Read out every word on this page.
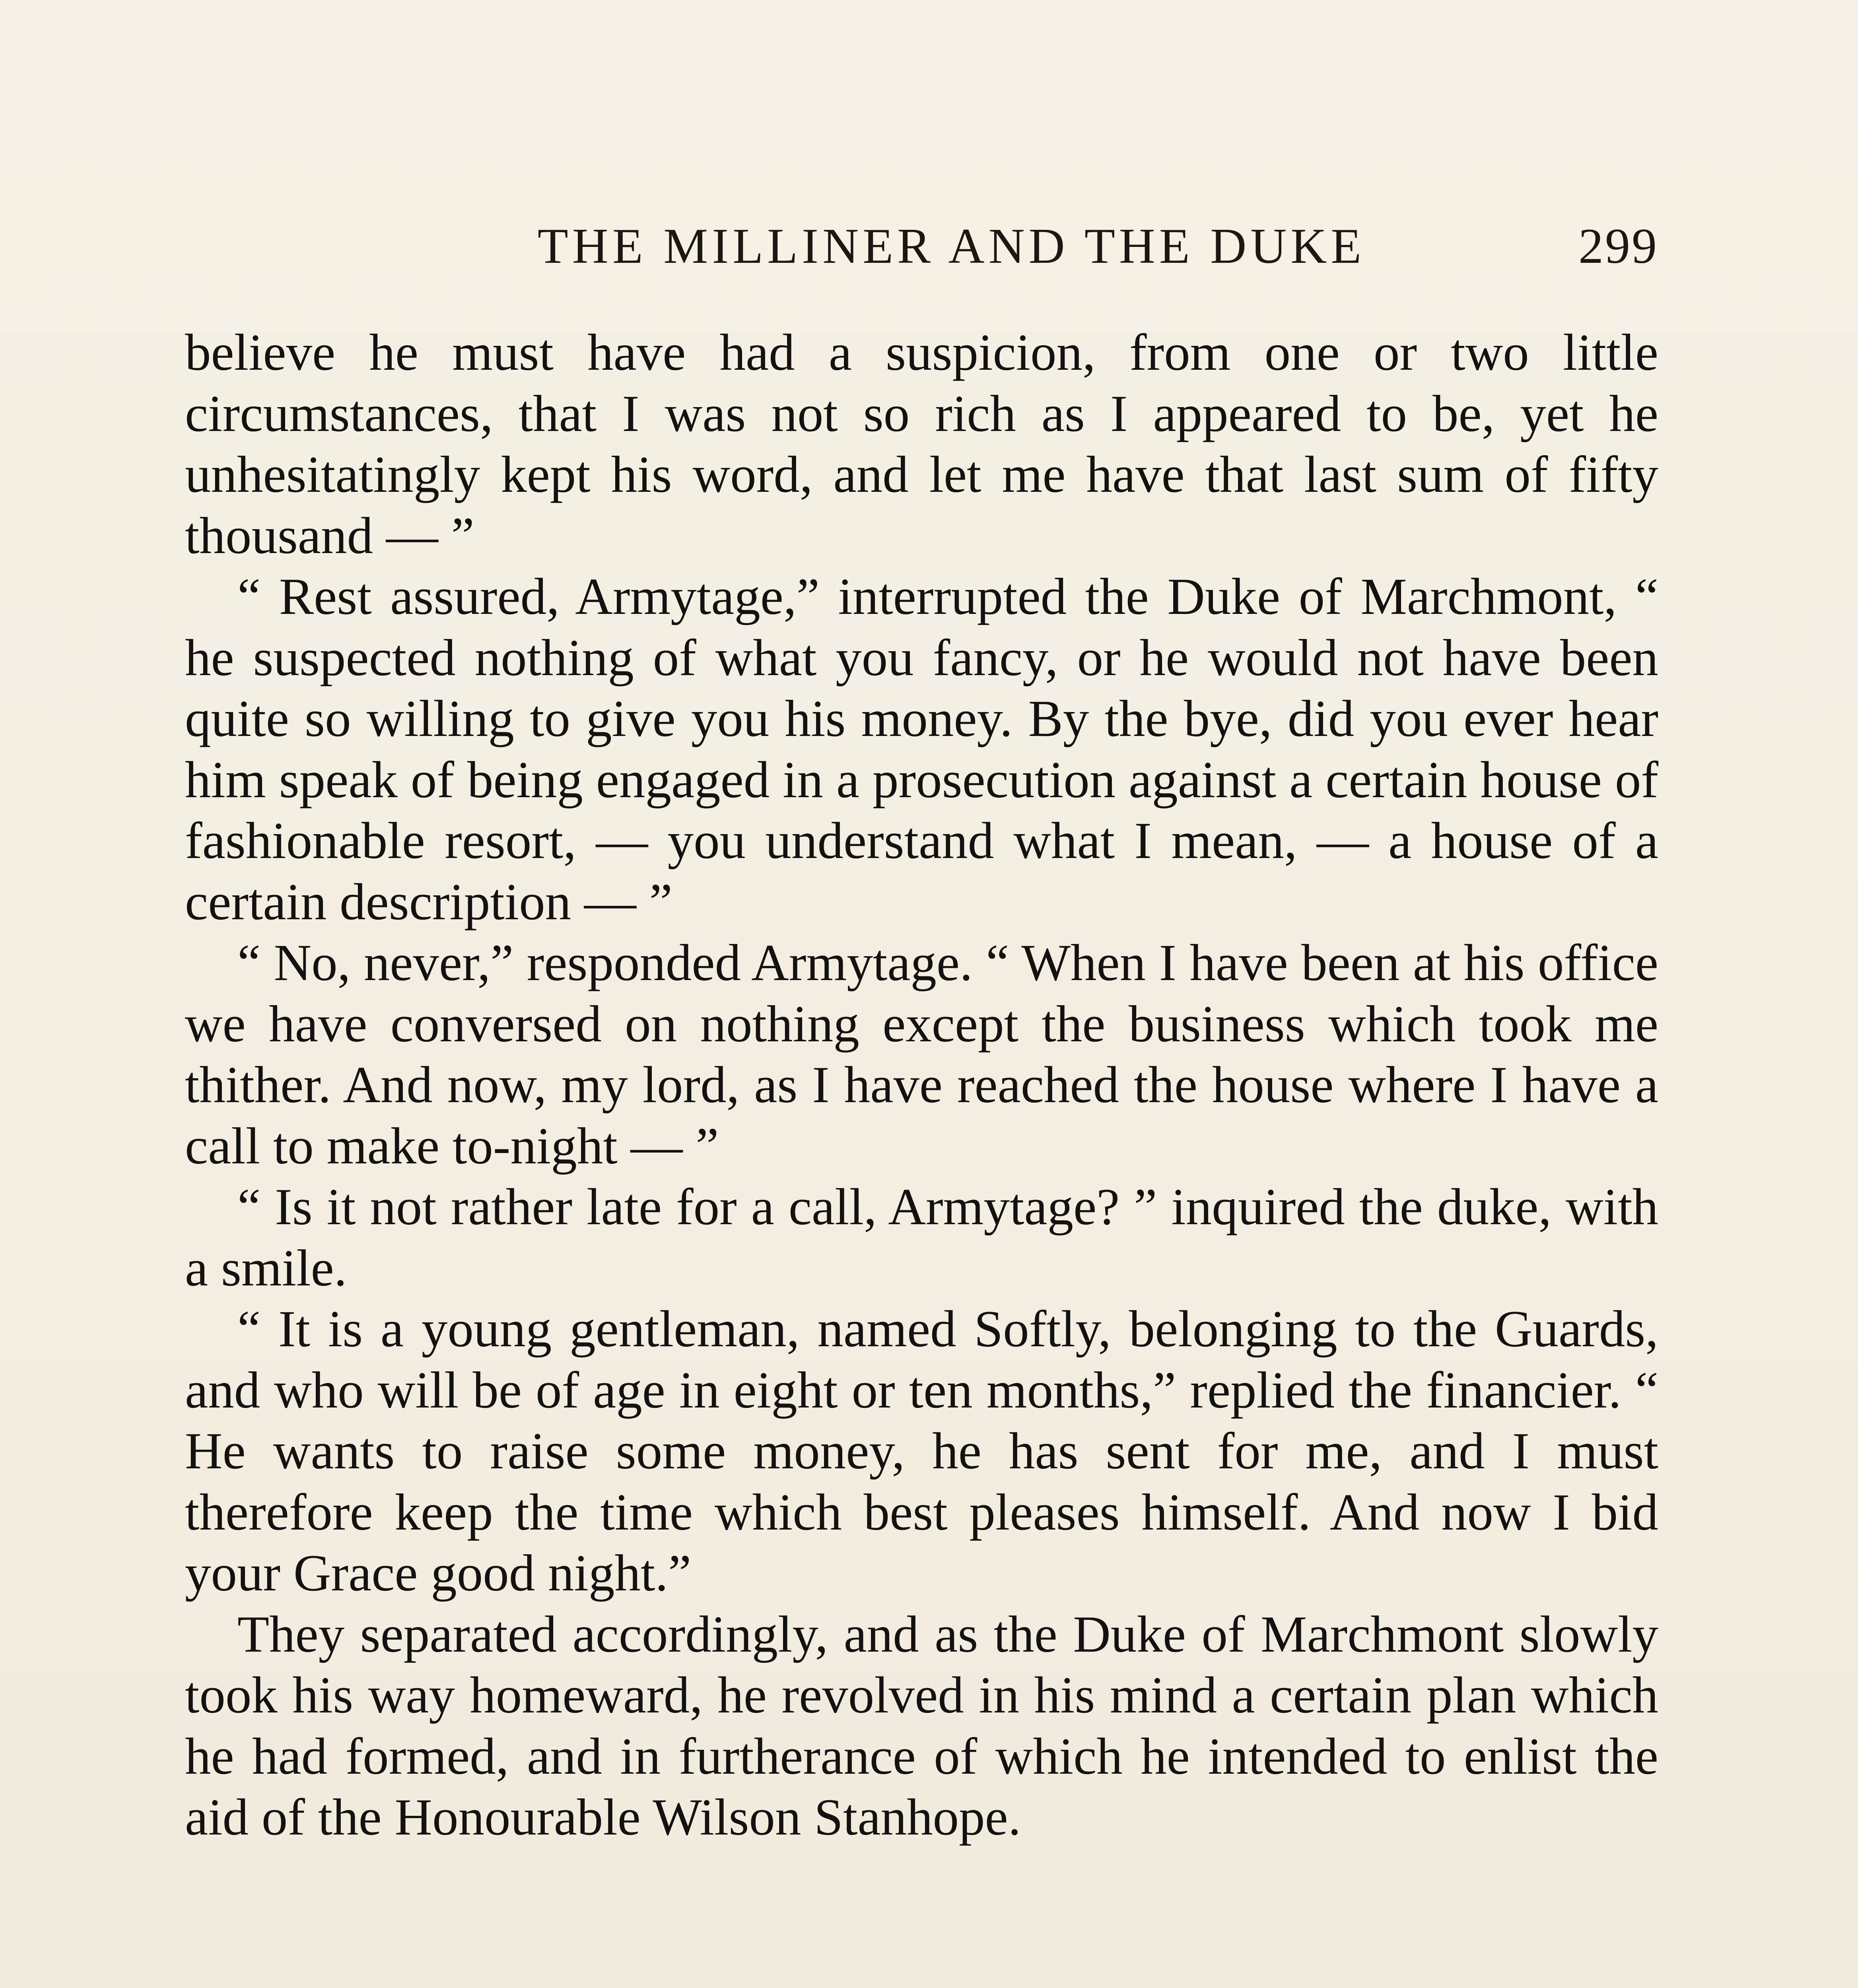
THE MILLINER AND THE DUKE	299

believe he must have had a suspicion, from one or two little circumstances, that I was not so rich as I appeared to be, yet he unhesitatingly kept his word, and let me have that last sum of fifty thousand — ”

“ Rest assured, Armytage,” interrupted the Duke of Marchmont, “ he suspected nothing of what you fancy, or he would not have been quite so willing to give you his money. By the bye, did you ever hear him speak of being engaged in a prosecution against a certain house of fashionable resort, — you understand what I mean, — a house of a certain description — ”

“ No, never,” responded Armytage. “ When I have been at his office we have conversed on nothing except the business which took me thither. And now, my lord, as I have reached the house where I have a call to make to-night — ”

“ Is it not rather late for a call, Armytage? ” inquired the duke, with a smile.

“ It is a young gentleman, named Softly, belonging to the Guards, and who will be of age in eight or ten months,” replied the financier. “ He wants to raise some money, he has sent for me, and I must therefore keep the time which best pleases himself. And now I bid your Grace good night.”

They separated accordingly, and as the Duke of Marchmont slowly took his way homeward, he revolved in his mind a certain plan which he had formed, and in furtherance of which he intended to enlist the aid of the Honourable Wilson Stanhope.
